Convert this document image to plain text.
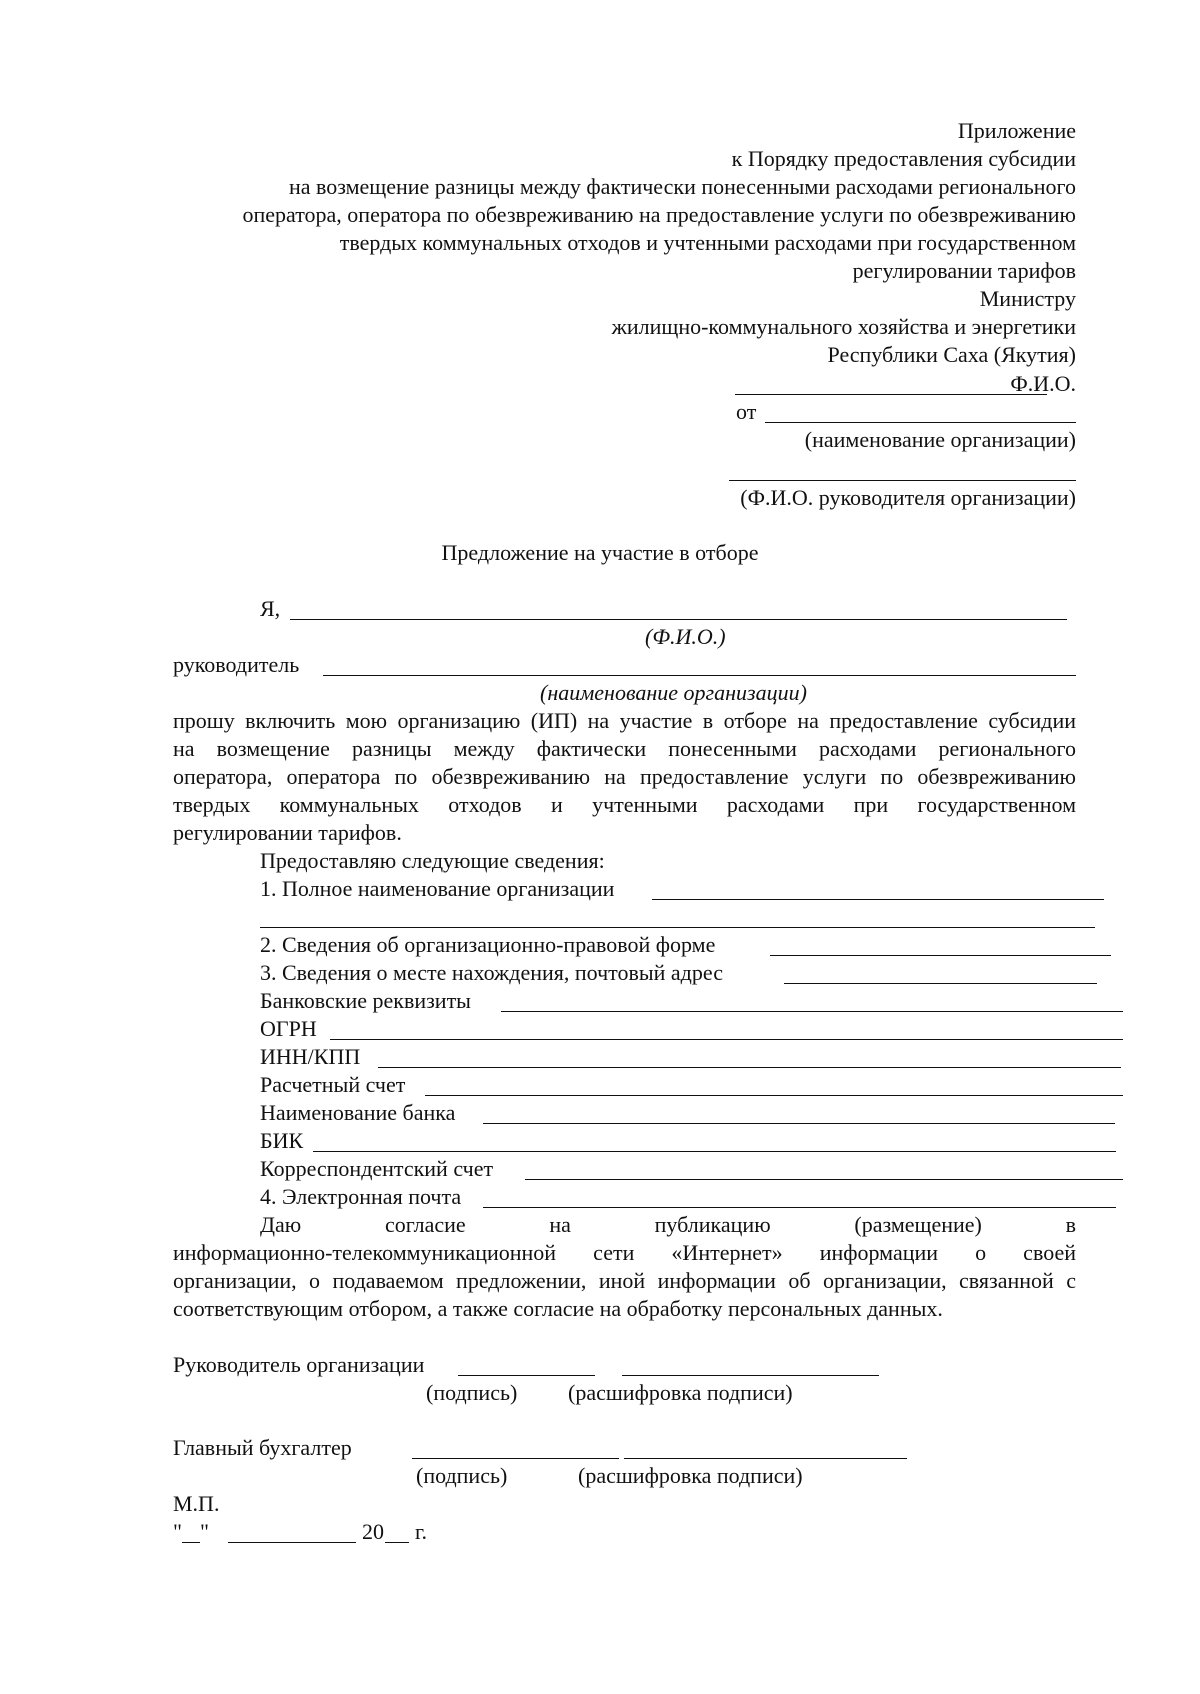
Приложение
к Порядку предоставления субсидии
на возмещение разницы между фактически понесенными расходами регионального
оператора, оператора по обезвреживанию на предоставление услуги по обезвреживанию
твердых коммунальных отходов и учтенными расходами при государственном
регулировании тарифов
Министру
жилищно-коммунального хозяйства и энергетики
Республики Саха (Якутия)
Ф.И.О.
от
(наименование организации)
(Ф.И.О. руководителя организации)
Предложение на участие в отборе
Я,
(Ф.И.О.)
руководитель
(наименование организации)
прошу включить мою организацию (ИП) на участие в отборе на предоставление субсидии
на возмещение разницы между фактически понесенными расходами регионального
оператора, оператора по обезвреживанию на предоставление услуги по обезвреживанию
твердых коммунальных отходов и учтенными расходами при государственном
регулировании тарифов.
Предоставляю следующие сведения:
1. Полное наименование организации
2. Сведения об организационно-правовой форме
3. Сведения о месте нахождения, почтовый адрес
Банковские реквизиты
ОГРН
ИНН/КПП
Расчетный счет
Наименование банка
БИК
Корреспондентский счет
4. Электронная почта
Даю согласие на публикацию (размещение) в
информационно-телекоммуникационной сети «Интернет» информации о своей
организации, о подаваемом предложении, иной информации об организации, связанной с
соответствующим отбором, а также согласие на обработку персональных данных.
Руководитель организации
(подпись) (расшифровка подписи)
Главный бухгалтер
(подпись)	(расшифровка подписи)
М.П.
" "	20 г.
